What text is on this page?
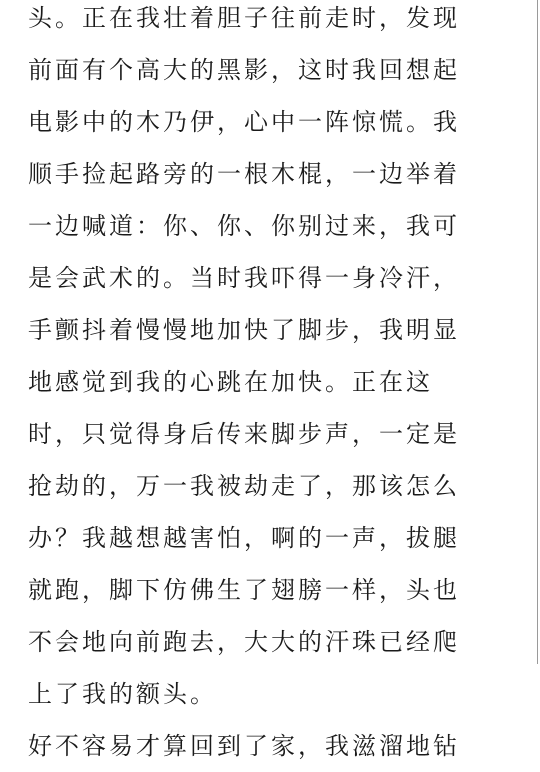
头。正在我壮着胆子往前走时，发现
前面有个高大的黑影，这时我回想起
电影中的木乃伊，心中一阵惊慌。我
顺手捡起路旁的一根木棍，一边举着
一边喊道：你、你、你别过来，我可
是会武术的。当时我吓得一身冷汗，
手颤抖着慢慢地加快了脚步，我明显
地感觉到我的心跳在加快。正在这
时，只觉得身后传来脚步声，一定是
抢劫的，万一我被劫走了，那该怎么
办？我越想越害怕，啊的一声，拔腿
就跑，脚下仿佛生了翅膀一样，头也
不会地向前跑去，大大的汗珠已经爬
上了我的额头。
好不容易才算回到了家，我滋溜地钻
